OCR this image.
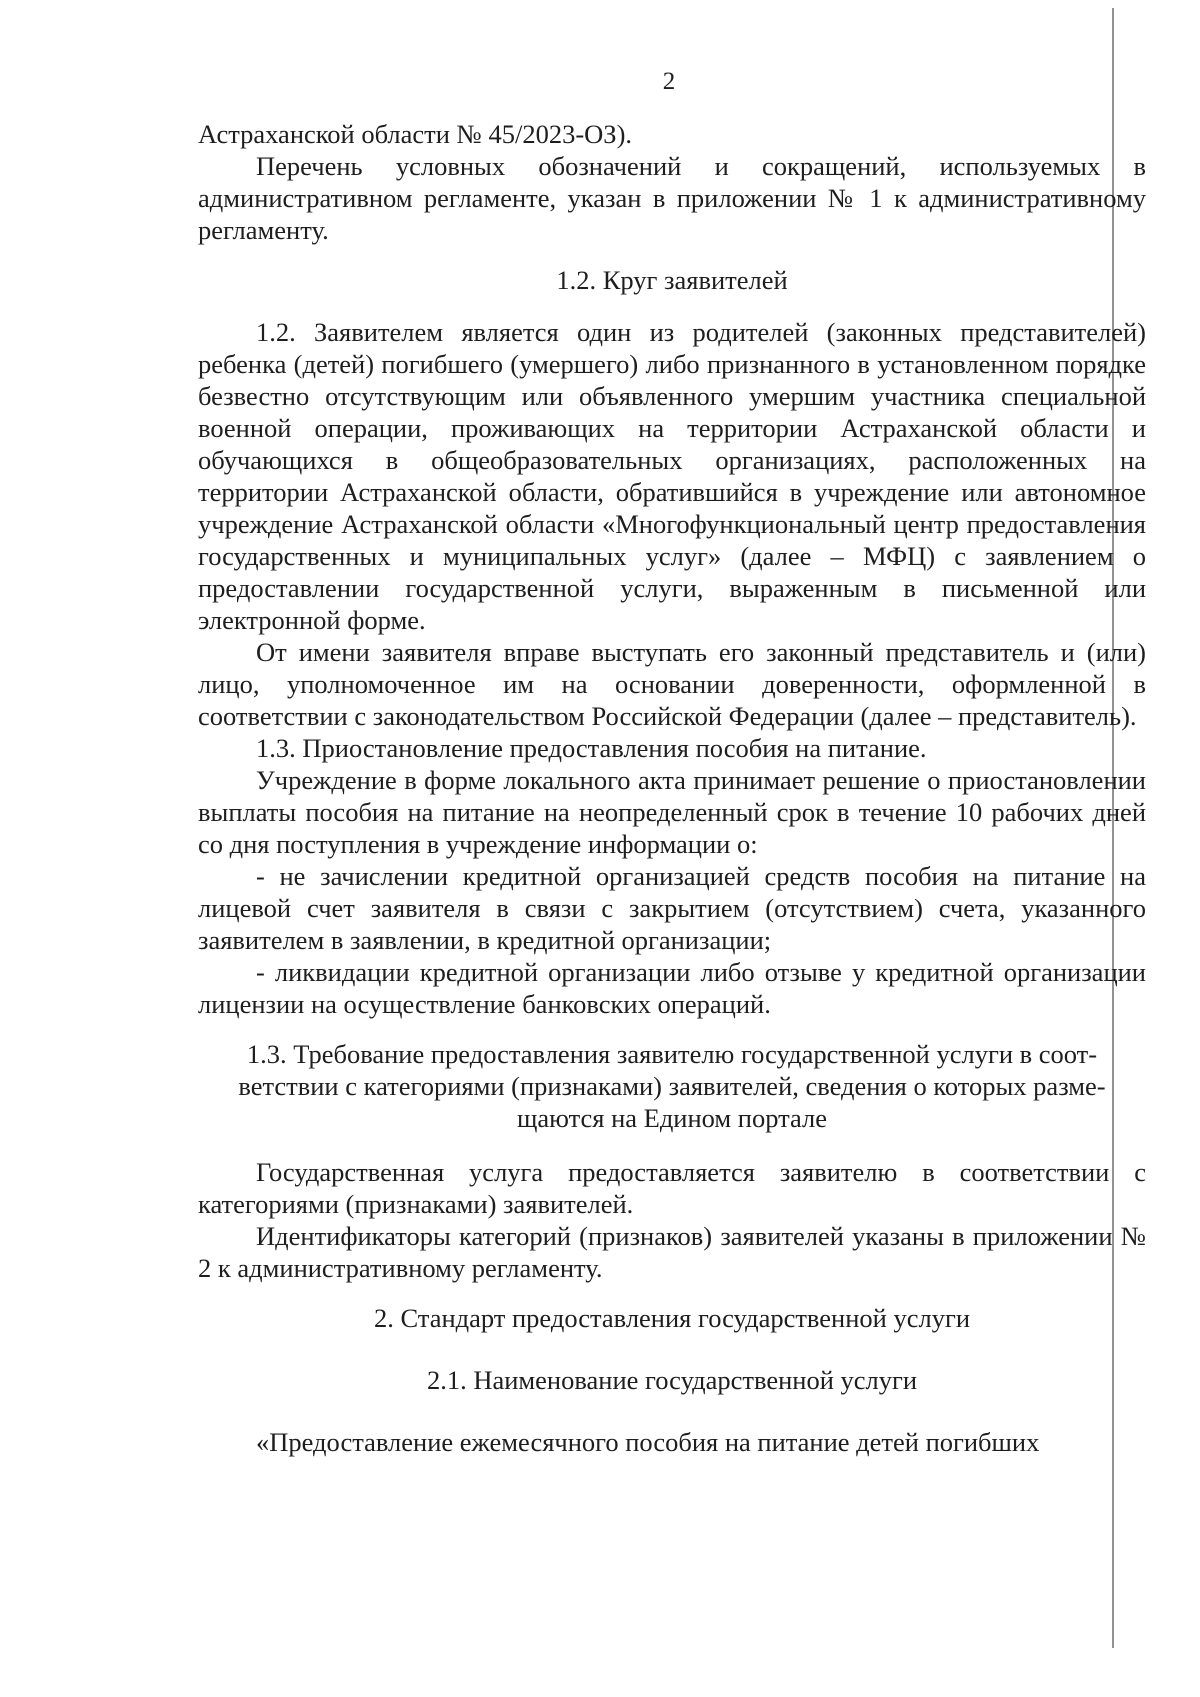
2

Астраханской области № 45/2023-ОЗ).

Перечень условных обозначений и сокращений, используемых в административном регламенте, указан в приложении № 1 к административному регламенту.

1.2. Круг заявителей

1.2. Заявителем является один из родителей (законных представителей) ребенка (детей) погибшего (умершего) либо признанного в установленном порядке безвестно отсутствующим или объявленного умершим участника специальной военной операции, проживающих на территории Астраханской области и обучающихся в общеобразовательных организациях, расположенных на территории Астраханской области, обратившийся в учреждение или автономное учреждение Астраханской области «Многофункциональный центр предоставления государственных и муниципальных услуг» (далее – МФЦ) с заявлением о предоставлении государственной услуги, выраженным в письменной или электронной форме.

От имени заявителя вправе выступать его законный представитель и (или) лицо, уполномоченное им на основании доверенности, оформленной в соответствии с законодательством Российской Федерации (далее – представитель).

1.3. Приостановление предоставления пособия на питание.

Учреждение в форме локального акта принимает решение о приостановлении выплаты пособия на питание на неопределенный срок в течение 10 рабочих дней со дня поступления в учреждение информации о:

- не зачислении кредитной организацией средств пособия на питание на лицевой счет заявителя в связи с закрытием (отсутствием) счета, указанного заявителем в заявлении, в кредитной организации;

- ликвидации кредитной организации либо отзыве у кредитной организации лицензии на осуществление банковских операций.

1.3. Требование предоставления заявителю государственной услуги в соот-
ветствии с категориями (признаками) заявителей, сведения о которых разме-
щаются на Едином портале

Государственная услуга предоставляется заявителю в соответствии с категориями (признаками) заявителей.

Идентификаторы категорий (признаков) заявителей указаны в приложении № 2 к административному регламенту.

2. Стандарт предоставления государственной услуги
2.1. Наименование государственной услуги

«Предоставление ежемесячного пособия на питание детей погибших
